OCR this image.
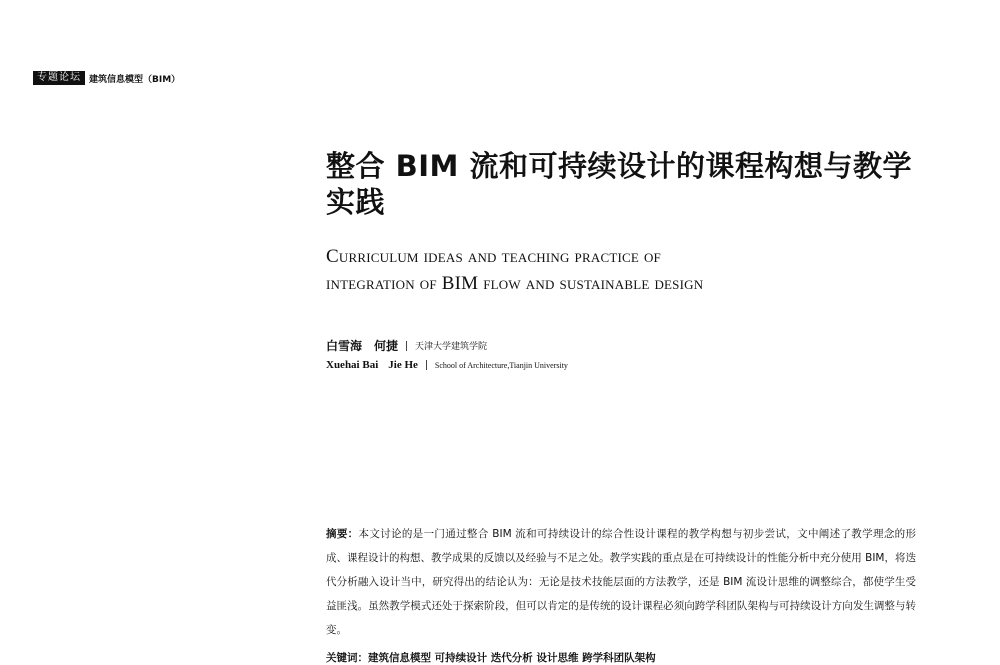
专题论坛 建筑信息模型（BIM）
整合 BIM 流和可持续设计的课程构想与教学实践
Curriculum ideas and teaching practice of
integration of BIM flow and sustainable design
白雪海 何捷 天津大学建筑学院
Xuehai Bai Jie He School of Architecture,Tianjin University
摘要：本文讨论的是一门通过整合 BIM 流和可持续设计的综合性设计课程的教学构想与初步尝试，文中阐述了教学理念的形成、课程设计的构想、教学成果的反馈以及经验与不足之处。教学实践的重点是在可持续设计的性能分析中充分使用 BIM，将迭代分析融入设计当中，研究得出的结论认为：无论是技术技能层面的方法教学，还是 BIM 流设计思维的调整综合，都使学生受益匪浅。虽然教学模式还处于探索阶段，但可以肯定的是传统的设计课程必须向跨学科团队架构与可持续设计方向发生调整与转变。
关键词：建筑信息模型 可持续设计 迭代分析 设计思维 跨学科团队架构
